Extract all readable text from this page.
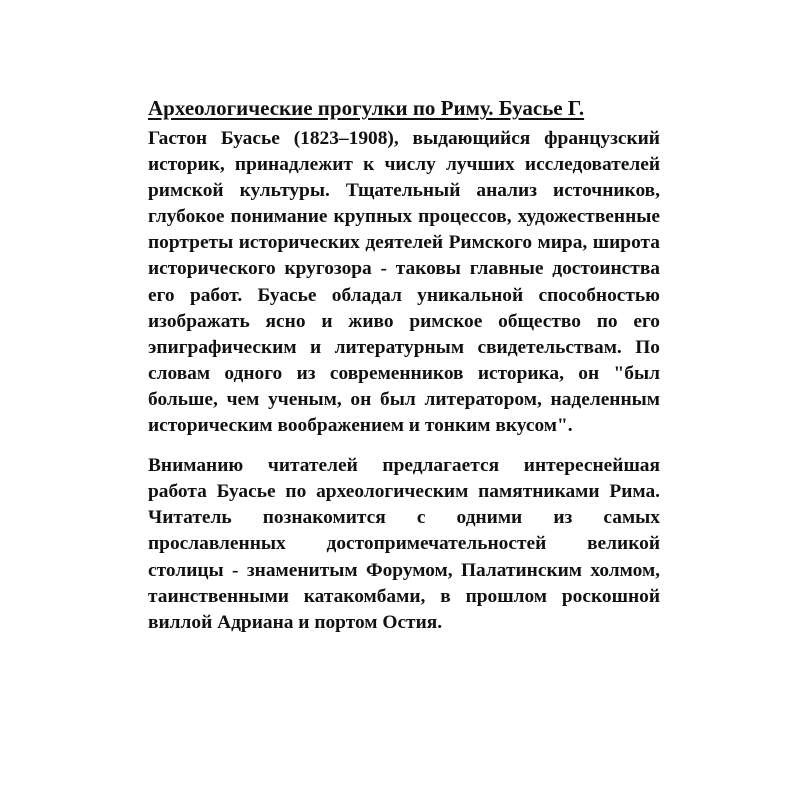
Археологические прогулки по Риму. Буасье Г.

Гастон Буасье (1823–1908), выдающийся французский историк, принадлежит к числу лучших исследователей римской культуры. Тщательный анализ источников, глубокое понимание крупных процессов, художественные портреты исторических деятелей Римского мира, широта исторического кругозора - таковы главные достоинства его работ. Буасье обладал уникальной способностью изображать ясно и живо римское общество по его эпиграфическим и литературным свидетельствам. По словам одного из современников историка, он "был больше, чем ученым, он был литератором, наделенным историческим воображением и тонким вкусом".

Вниманию читателей предлагается интереснейшая работа Буасье по археологическим памятниками Рима. Читатель познакомится с одними из самых прославленных достопримечательностей великой столицы - знаменитым Форумом, Палатинским холмом, таинственными катакомбами, в прошлом роскошной виллой Адриана и портом Остия.
